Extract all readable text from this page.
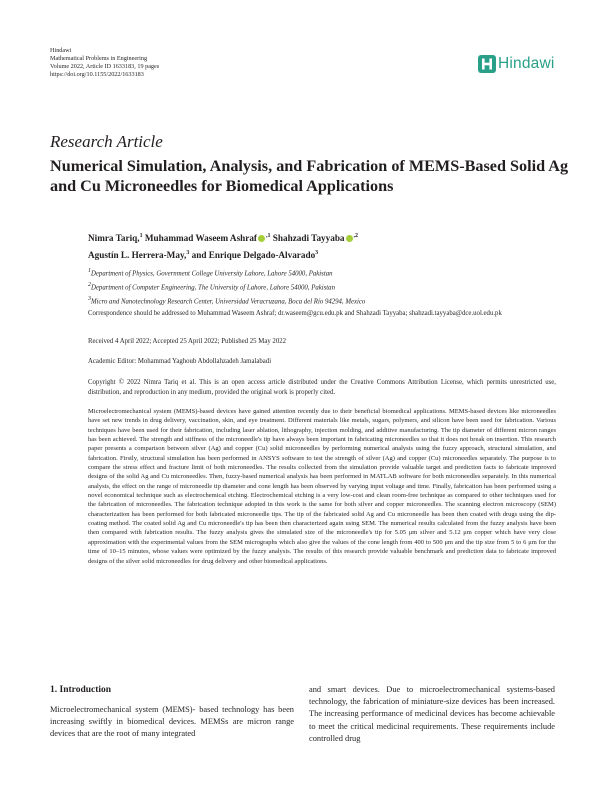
Hindawi
Mathematical Problems in Engineering
Volume 2022, Article ID 1633183, 19 pages
https://doi.org/10.1155/2022/1633183
Hindawi
Research Article
Numerical Simulation, Analysis, and Fabrication of MEMS-Based Solid Ag and Cu Microneedles for Biomedical Applications
Nimra Tariq,$^1$ Muhammad Waseem Ashraf $^{,1}$ Shahzadi Tayyaba $^{,2}$
Agustín L. Herrera-May,$^3$ and Enrique Delgado-Alvarado$^3$
$^1$Department of Physics, Government College University Lahore, Lahore 54000, Pakistan
$^2$Department of Computer Engineering, The University of Lahore, Lahore 54000, Pakistan
$^3$Micro and Nanotechnology Research Center, Universidad Veracruzana, Boca del Río 94294, Mexico
Correspondence should be addressed to Muhammad Waseem Ashraf; dr.waseem@gcu.edu.pk and Shahzadi Tayyaba; shahzadi.tayyaba@dce.uol.edu.pk
Received 4 April 2022; Accepted 25 April 2022; Published 25 May 2022
Academic Editor: Mohammad Yaghoub Abdollahzadeh Jamalabadi
Copyright © 2022 Nimra Tariq et al. This is an open access article distributed under the Creative Commons Attribution License, which permits unrestricted use, distribution, and reproduction in any medium, provided the original work is properly cited.
Microelectromechanical system (MEMS)-based devices have gained attention recently due to their beneficial biomedical applications. MEMS-based devices like microneedles have set new trends in drug delivery, vaccination, skin, and eye treatment. Different materials like metals, sugars, polymers, and silicon have been used for fabrication. Various techniques have been used for their fabrication, including laser ablation, lithography, injection molding, and additive manufacturing. The tip diameter of different micron ranges has been achieved. The strength and stiffness of the microneedle's tip have always been important in fabricating microneedles so that it does not break on insertion. This research paper presents a comparison between silver (Ag) and copper (Cu) solid microneedles by performing numerical analysis using the fuzzy approach, structural simulation, and fabrication. Firstly, structural simulation has been performed in ANSYS software to test the strength of silver (Ag) and copper (Cu) microneedles separately. The purpose is to compare the stress effect and fracture limit of both microneedles. The results collected from the simulation provide valuable target and prediction facts to fabricate improved designs of the solid Ag and Cu microneedles. Then, fuzzy-based numerical analysis has been performed in MATLAB software for both microneedles separately. In this numerical analysis, the effect on the range of microneedle tip diameter and cone length has been observed by varying input voltage and time. Finally, fabrication has been performed using a novel economical technique such as electrochemical etching. Electrochemical etching is a very low-cost and clean room-free technique as compared to other techniques used for the fabrication of microneedles. The fabrication technique adopted in this work is the same for both silver and copper microneedles. The scanning electron microscopy (SEM) characterization has been performed for both fabricated microneedle tips. The tip of the fabricated solid Ag and Cu microneedle has been then coated with drugs using the dip-coating method. The coated solid Ag and Cu microneedle's tip has been then characterized again using SEM. The numerical results calculated from the fuzzy analysis have been then compared with fabrication results. The fuzzy analysis gives the simulated size of the microneedle's tip for 5.05 μm silver and 5.12 μm copper which have very close approximation with the experimental values from the SEM micrographs which also give the values of the cone length from 400 to 500 μm and the tip size from 5 to 6 μm for the time of 10–15 minutes, whose values were optimized by the fuzzy analysis. The results of this research provide valuable benchmark and prediction data to fabricate improved designs of the silver solid microneedles for drug delivery and other biomedical applications.
1. Introduction
Microelectromechanical system (MEMS)- based technology has been increasing swiftly in biomedical devices. MEMSs are micron range devices that are the root of many integrated
and smart devices. Due to microelectromechanical systems-based technology, the fabrication of miniature-size devices has been increased. The increasing performance of medicinal devices has become achievable to meet the critical medicinal requirements. These requirements include controlled drug
